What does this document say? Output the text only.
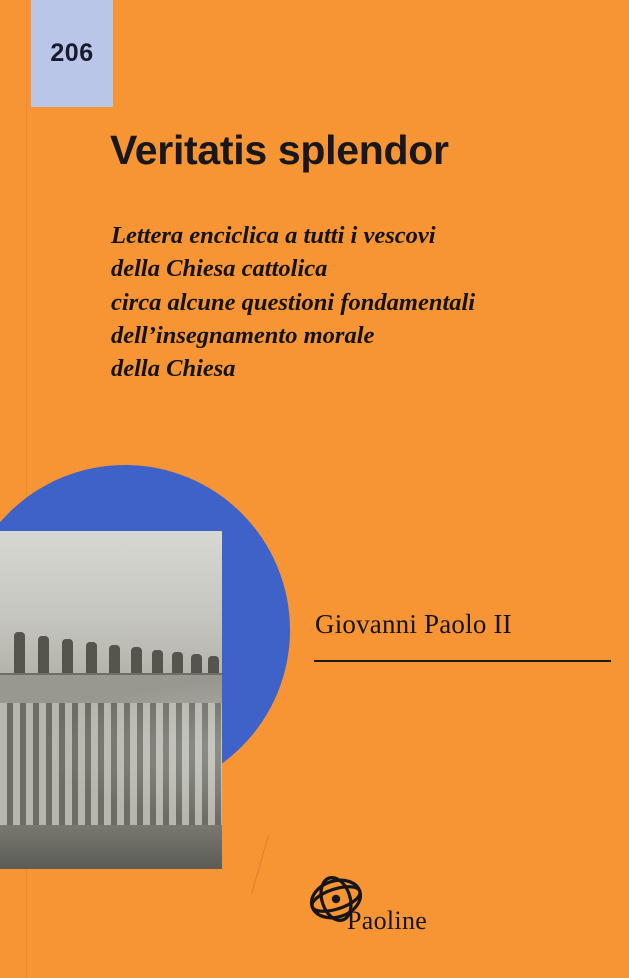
206
Veritatis splendor
Lettera enciclica a tutti i vescovi
della Chiesa cattolica
circa alcune questioni fondamentali
dell’insegnamento morale
della Chiesa
Giovanni Paolo II
Paoline
